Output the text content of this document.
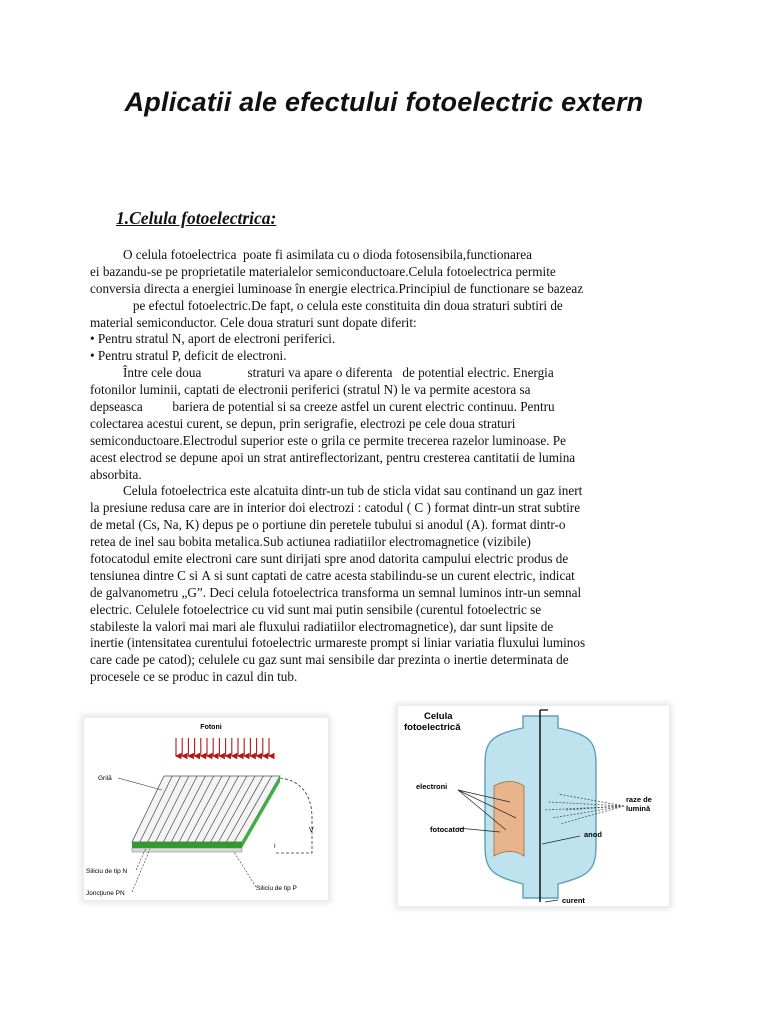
Aplicatii ale efectului fotoelectric extern
1.Celula fotoelectrica:
O celula fotoelectrica  poate fi asimilata cu o dioda fotosensibila,functionarea
ei bazandu-se pe proprietatile materialelor semiconductoare.Celula fotoelectrica permite
conversia directa a energiei luminoase în energie electrica.Principiul de functionare se bazeaz
pe efectul fotoelectric.De fapt, o celula este constituita din doua straturi subtiri de
material semiconductor. Cele doua straturi sunt dopate diferit:
• Pentru stratul N, aport de electroni periferici.
• Pentru stratul P, deficit de electroni.
Între cele doua              straturi va apare o diferenta   de potential electric. Energia
fotonilor luminii, captati de electronii periferici (stratul N) le va permite acestora sa
depseasca         bariera de potential si sa creeze astfel un curent electric continuu. Pentru
colectarea acestui curent, se depun, prin serigrafie, electrozi pe cele doua straturi
semiconductoare.Electrodul superior este o grila ce permite trecerea razelor luminoase. Pe
acest electrod se depune apoi un strat antireflectorizant, pentru cresterea cantitatii de lumina
absorbita.
Celula fotoelectrica este alcatuita dintr-un tub de sticla vidat sau continand un gaz inert
la presiune redusa care are in interior doi electrozi : catodul ( C ) format dintr-un strat subtire
de metal (Cs, Na, K) depus pe o portiune din peretele tubului si anodul (A). format dintr-o
retea de inel sau bobita metalica.Sub actiunea radiatiilor electromagnetice (vizibile)
fotocatodul emite electroni care sunt dirijati spre anod datorita campului electric produs de
tensiunea dintre C si A si sunt captati de catre acesta stabilindu-se un curent electric, indicat
de galvanometru „G”. Deci celula fotoelectrica transforma un semnal luminos intr-un semnal
electric. Celulele fotoelectrice cu vid sunt mai putin sensibile (curentul fotoelectric se
stabileste la valori mai mari ale fluxului radiatiilor electromagnetice), dar sunt lipsite de
inertie (intensitatea curentului fotoelectric urmareste prompt si liniar variatia fluxului luminos
care cade pe catod); celulele cu gaz sunt mai sensibile dar prezinta o inertie determinata de
procesele ce se produc in cazul din tub.
Fotoni
V
I
Grilă
Siliciu de tip N
Joncţiune PN
Siliciu de tip P
Celula
fotoelectrică
electroni
fotocatod
anod
raze de
lumină
curent
